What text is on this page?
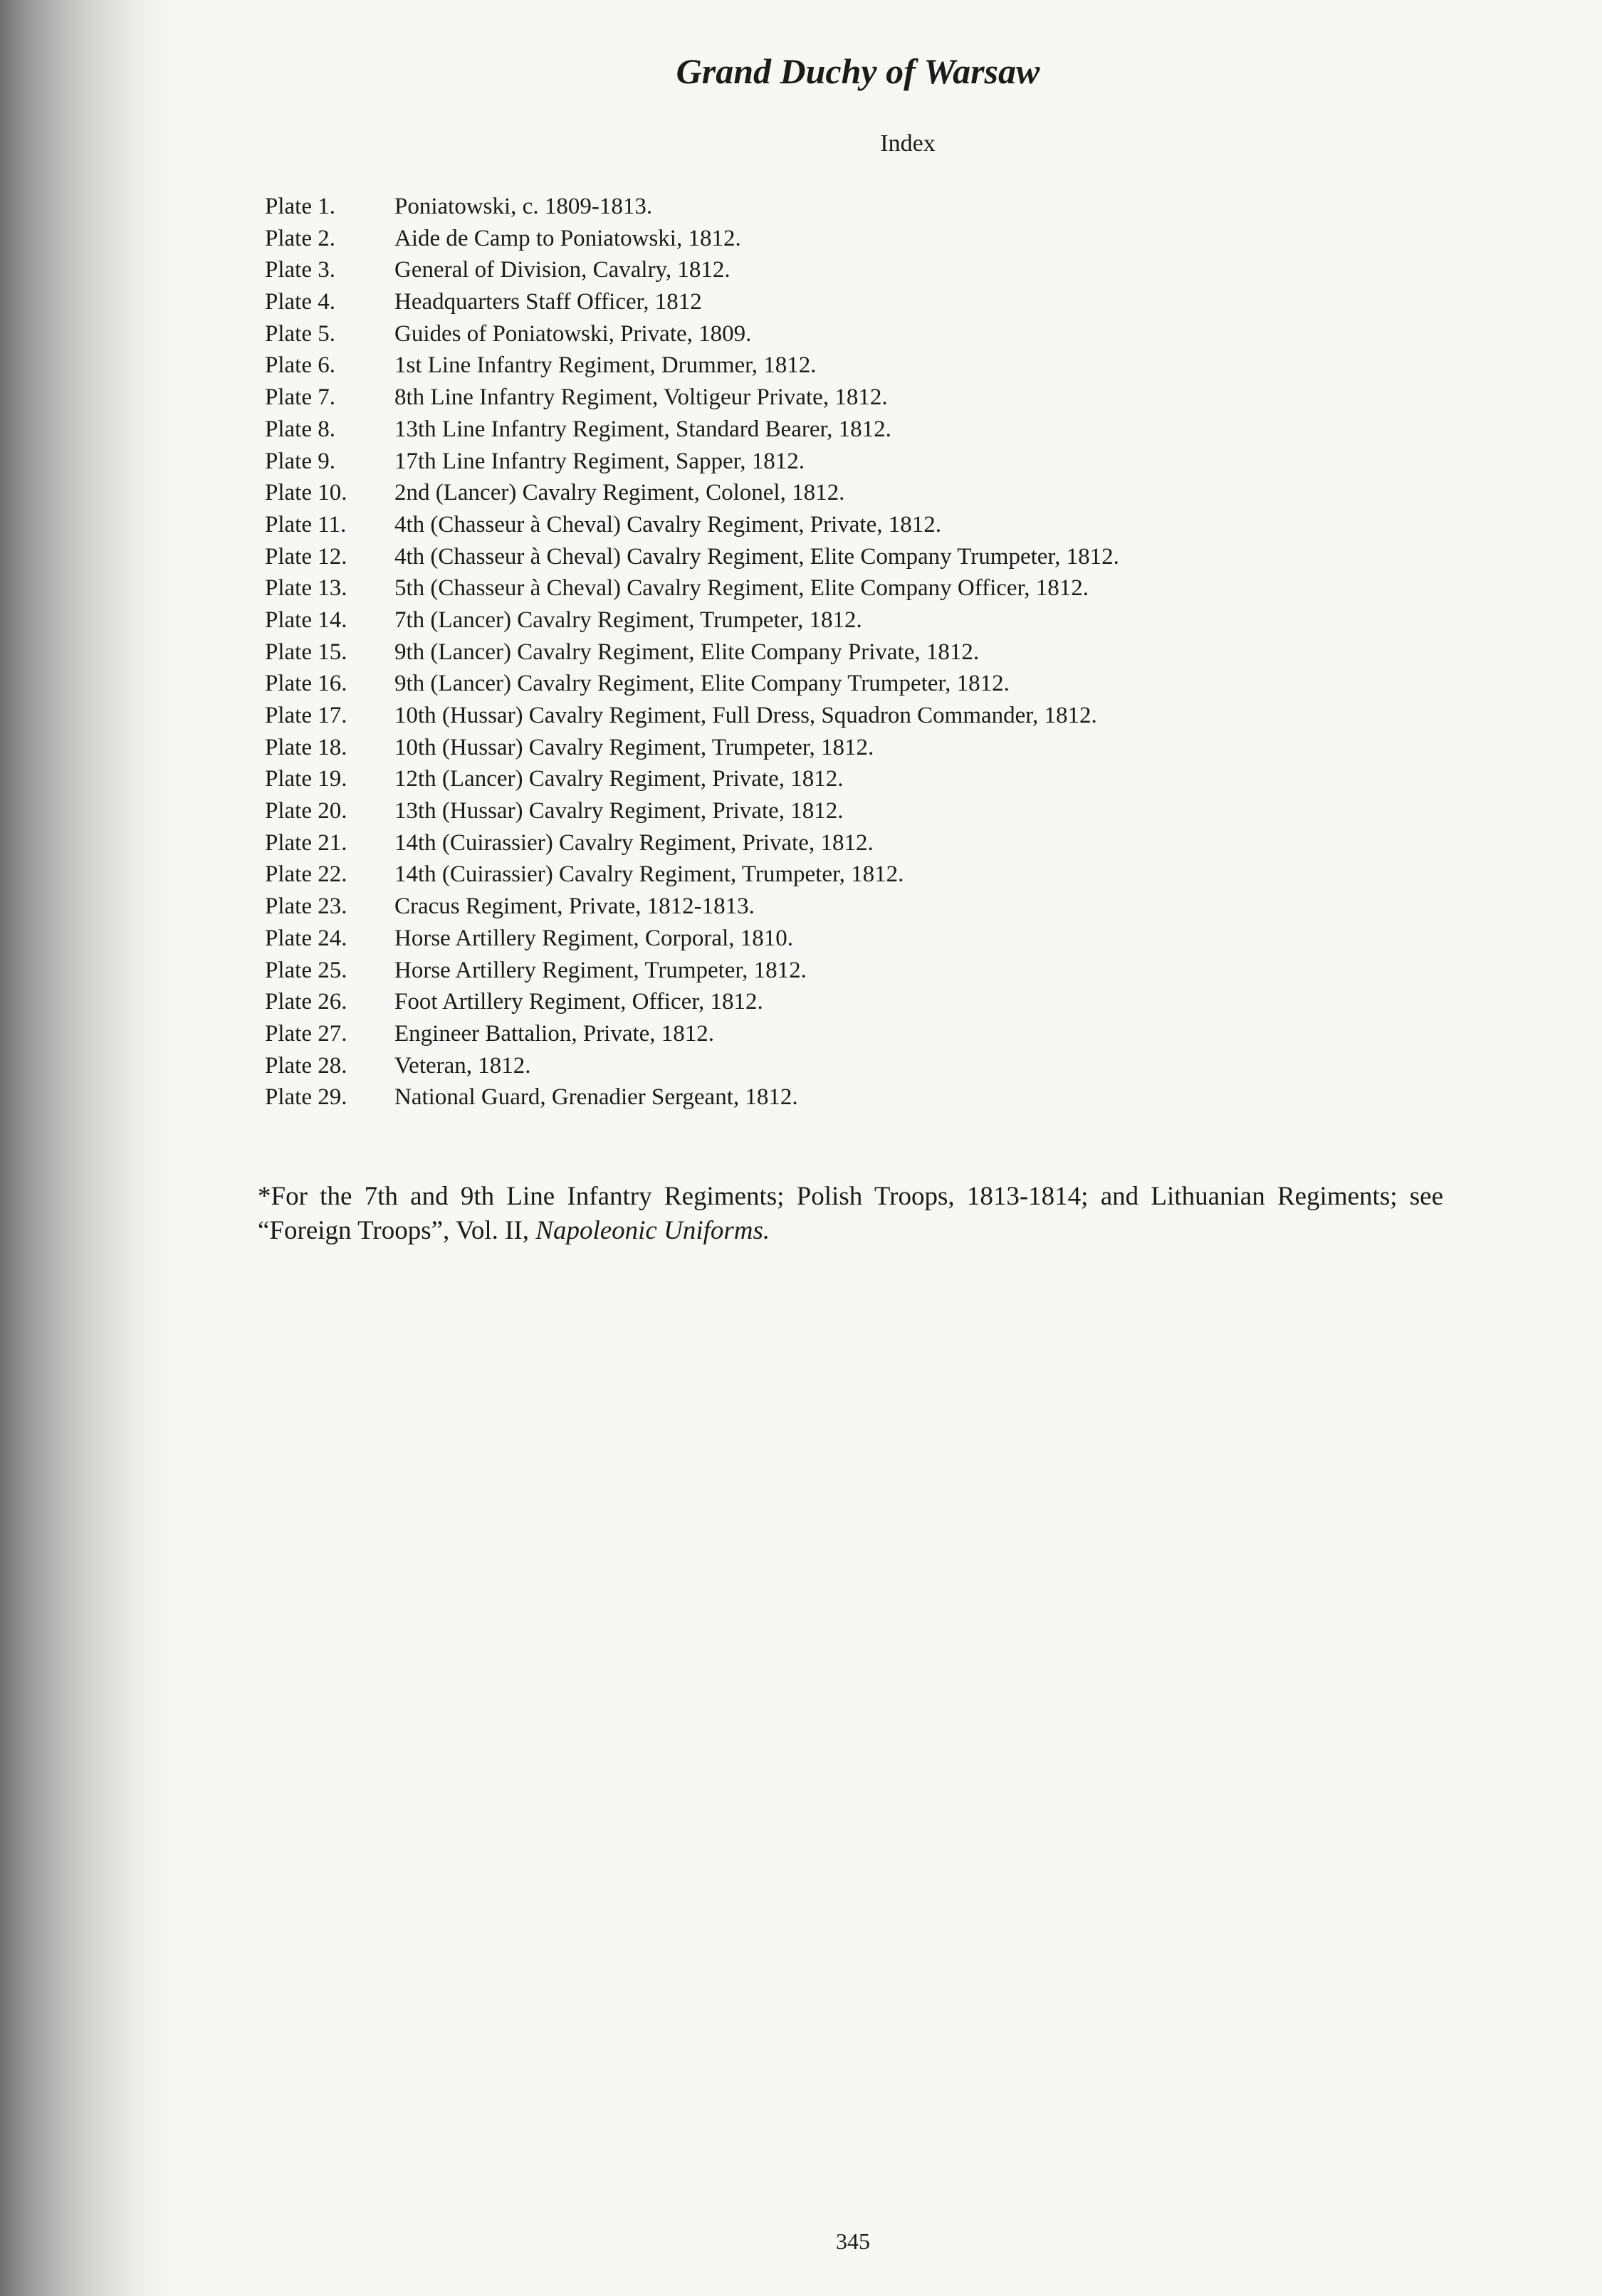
Grand Duchy of Warsaw
Index
Plate 1.	Poniatowski, c. 1809-1813.
Plate 2.	Aide de Camp to Poniatowski, 1812.
Plate 3.	General of Division, Cavalry, 1812.
Plate 4.	Headquarters Staff Officer, 1812
Plate 5.	Guides of Poniatowski, Private, 1809.
Plate 6.	1st Line Infantry Regiment, Drummer, 1812.
Plate 7.	8th Line Infantry Regiment, Voltigeur Private, 1812.
Plate 8.	13th Line Infantry Regiment, Standard Bearer, 1812.
Plate 9.	17th Line Infantry Regiment, Sapper, 1812.
Plate 10.	2nd (Lancer) Cavalry Regiment, Colonel, 1812.
Plate 11.	4th (Chasseur à Cheval) Cavalry Regiment, Private, 1812.
Plate 12.	4th (Chasseur à Cheval) Cavalry Regiment, Elite Company Trumpeter, 1812.
Plate 13.	5th (Chasseur à Cheval) Cavalry Regiment, Elite Company Officer, 1812.
Plate 14.	7th (Lancer) Cavalry Regiment, Trumpeter, 1812.
Plate 15.	9th (Lancer) Cavalry Regiment, Elite Company Private, 1812.
Plate 16.	9th (Lancer) Cavalry Regiment, Elite Company Trumpeter, 1812.
Plate 17.	10th (Hussar) Cavalry Regiment, Full Dress, Squadron Commander, 1812.
Plate 18.	10th (Hussar) Cavalry Regiment, Trumpeter, 1812.
Plate 19.	12th (Lancer) Cavalry Regiment, Private, 1812.
Plate 20.	13th (Hussar) Cavalry Regiment, Private, 1812.
Plate 21.	14th (Cuirassier) Cavalry Regiment, Private, 1812.
Plate 22.	14th (Cuirassier) Cavalry Regiment, Trumpeter, 1812.
Plate 23.	Cracus Regiment, Private, 1812-1813.
Plate 24.	Horse Artillery Regiment, Corporal, 1810.
Plate 25.	Horse Artillery Regiment, Trumpeter, 1812.
Plate 26.	Foot Artillery Regiment, Officer, 1812.
Plate 27.	Engineer Battalion, Private, 1812.
Plate 28.	Veteran, 1812.
Plate 29.	National Guard, Grenadier Sergeant, 1812.

*For the 7th and 9th Line Infantry Regiments; Polish Troops, 1813-1814; and Lithuanian Regiments; see “Foreign Troops”, Vol. II, Napoleonic Uniforms.

345
